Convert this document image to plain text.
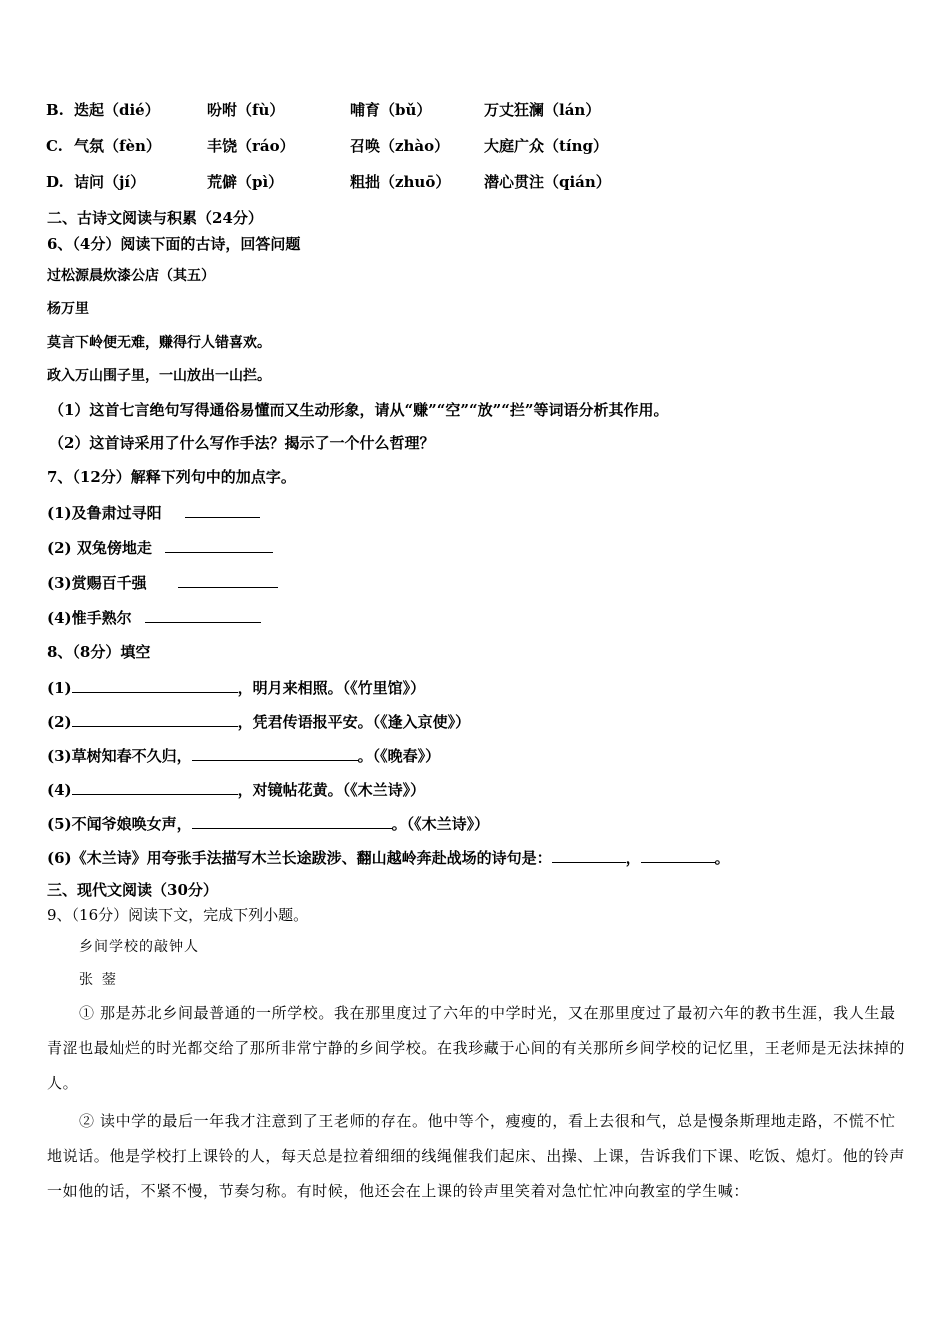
B. 迭起（dié）	吩咐（fù）	哺育（bǔ）	万丈狂澜（lán）
C. 气氛（fèn）	丰饶（ráo）	召唤（zhào） 大庭广众（tíng）
D. 诘问（jí）	荒僻（pì）	粗拙（zhuō） 潜心贯注（qián）
二、古诗文阅读与积累（24分）
6、（4分）阅读下面的古诗，回答问题
过松源晨炊漆公店（其五）
杨万里
莫言下岭便无难，赚得行人错喜欢。
政入万山围子里，一山放出一山拦。
（1）这首七言绝句写得通俗易懂而又生动形象，请从“赚”“空”“放”“拦”等词语分析其作用。
（2）这首诗采用了什么写作手法？揭示了一个什么哲理？
7、（12分）解释下列句中的加点字。
(1)及鲁肃过寻阳
(2) 双兔傍地走
(3)赏赐百千强
(4)惟手熟尔
8、（8分）填空
(1)	，明月来相照。（《竹里馆》）
(2)	，凭君传语报平安。（《逢入京使》）
(3)草树知春不久归，	。（《晚春》）
(4)	，对镜帖花黄。（《木兰诗》）
(5)不闻爷娘唤女声，	。（《木兰诗》）
(6)《木兰诗》用夸张手法描写木兰长途跋涉、翻山越岭奔赴战场的诗句是：	，	。
三、现代文阅读（30分）
9、（16分）阅读下文，完成下列小题。
乡间学校的敲钟人
张  蓥
① 那是苏北乡间最普通的一所学校。我在那里度过了六年的中学时光，又在那里度过了最初六年的教书生涯，我人生最青涩也最灿烂的时光都交给了那所非常宁静的乡间学校。在我珍藏于心间的有关那所乡间学校的记忆里，王老师是无法抹掉的人。
② 读中学的最后一年我才注意到了王老师的存在。他中等个，瘦瘦的，看上去很和气，总是慢条斯理地走路，不慌不忙地说话。他是学校打上课铃的人，每天总是拉着细细的线绳催我们起床、出操、上课，告诉我们下课、吃饭、熄灯。他的铃声一如他的话，不紧不慢，节奏匀称。有时候，他还会在上课的铃声里笑着对急忙忙冲向教室的学生喊：
